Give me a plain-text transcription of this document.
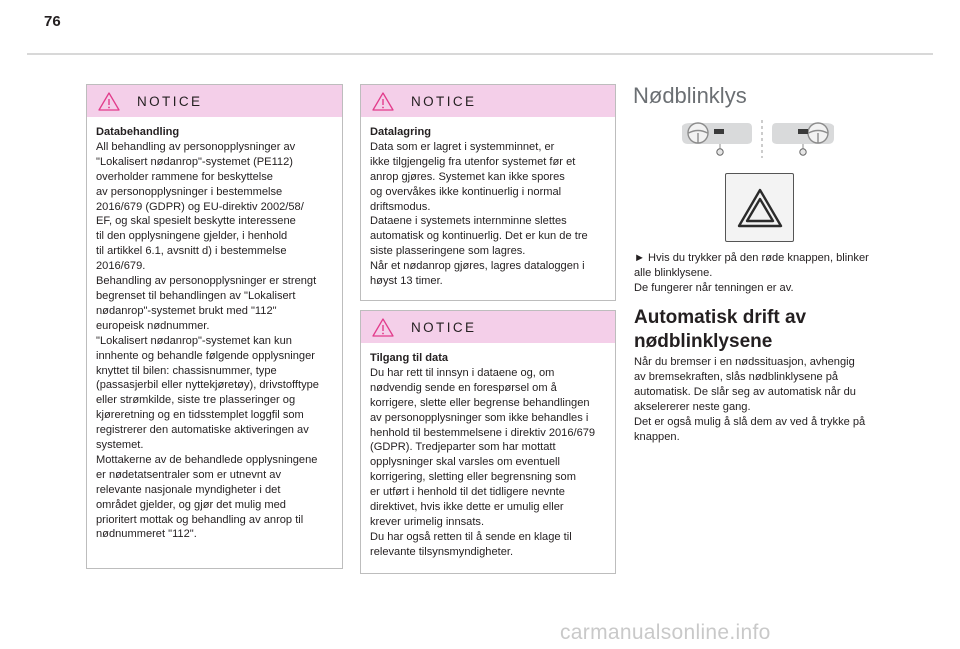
76
NOTICE
Databehandling
All behandling av personopplysninger av
"Lokalisert nødanrop"-systemet (PE112)
overholder rammene for beskyttelse
av personopplysninger i bestemmelse
2016/679 (GDPR) og EU-direktiv 2002/58/
EF, og skal spesielt beskytte interessene
til den opplysningene gjelder, i henhold
til artikkel 6.1, avsnitt d) i bestemmelse
2016/679.
Behandling av personopplysninger er strengt
begrenset til behandlingen av "Lokalisert
nødanrop"-systemet brukt med "112"
europeisk nødnummer.
"Lokalisert nødanrop"-systemet kan kun
innhente og behandle følgende opplysninger
knyttet til bilen: chassisnummer, type
(passasjerbil eller nyttekjøretøy), drivstofftype
eller strømkilde, siste tre plasseringer og
kjøreretning og en tidsstemplet loggfil som
registrerer den automatiske aktiveringen av
systemet.
Mottakerne av de behandlede opplysningene
er nødetatsentraler som er utnevnt av
relevante nasjonale myndigheter i det
området gjelder, og gjør det mulig med
prioritert mottak og behandling av anrop til
nødnummeret "112".
NOTICE
Datalagring
Data som er lagret i systemminnet, er
ikke tilgjengelig fra utenfor systemet før et
anrop gjøres. Systemet kan ikke spores
og overvåkes ikke kontinuerlig i normal
driftsmodus.
Dataene i systemets internminne slettes
automatisk og kontinuerlig. Det er kun de tre
siste plasseringene som lagres.
Når et nødanrop gjøres, lagres dataloggen i
høyst 13 timer.
NOTICE
Tilgang til data
Du har rett til innsyn i dataene og, om
nødvendig sende en forespørsel om å
korrigere, slette eller begrense behandlingen
av personopplysninger som ikke behandles i
henhold til bestemmelsene i direktiv 2016/679
(GDPR). Tredjeparter som har mottatt
opplysninger skal varsles om eventuell
korrigering, sletting eller begrensning som
er utført i henhold til det tidligere nevnte
direktivet, hvis ikke dette er umulig eller
krever urimelig innsats.
Du har også retten til å sende en klage til
relevante tilsynsmyndigheter.
Nødblinklys
► Hvis du trykker på den røde knappen, blinker
alle blinklysene.
De fungerer når tenningen er av.
Automatisk drift av
nødblinklysene
Når du bremser i en nødssituasjon, avhengig
av bremsekraften, slås nødblinklysene på
automatisk. De slår seg av automatisk når du
akselererer neste gang.
Det er også mulig å slå dem av ved å trykke på
knappen.
carmanualsonline.info
